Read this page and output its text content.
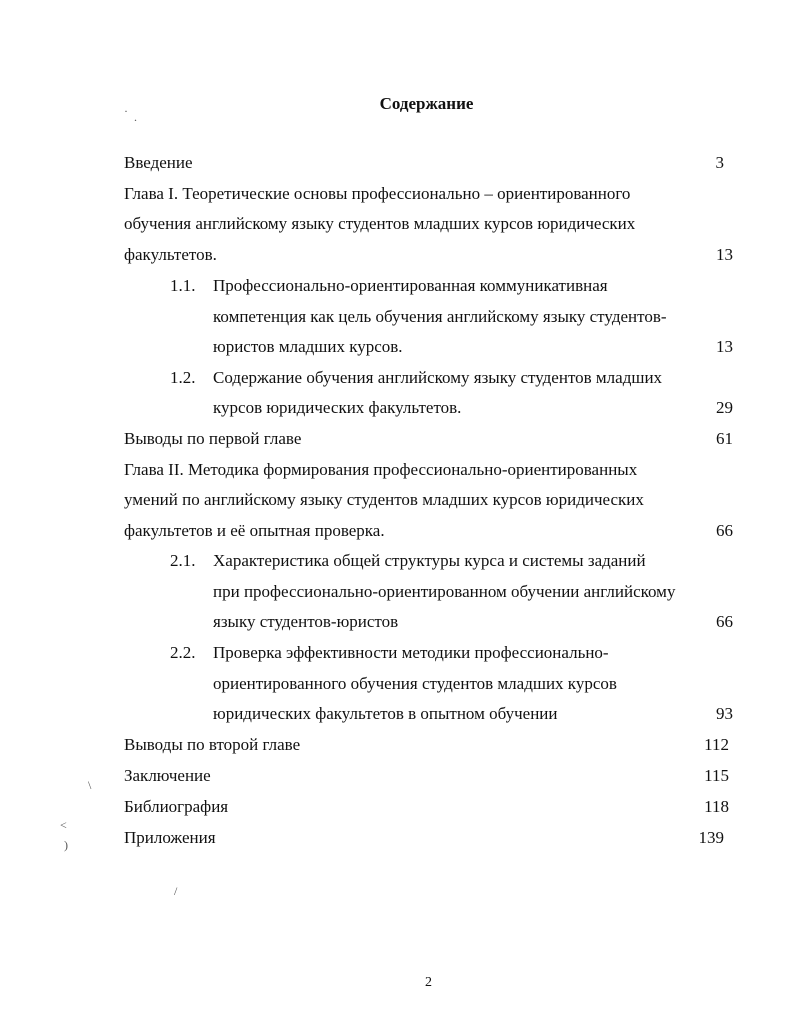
Содержание
Введение	3
Глава I. Теоретические основы профессионально – ориентированного
обучения английскому языку студентов младших курсов юридических
факультетов.	13
1.1. Профессионально-ориентированная коммуникативная
компетенция как цель обучения английскому языку студентов-
юристов младших курсов.	13
1.2. Содержание обучения английскому языку студентов младших
курсов юридических факультетов.	29
Выводы по первой главе	61
Глава II. Методика формирования профессионально-ориентированных
умений по английскому языку студентов младших курсов юридических
факультетов и её опытная проверка.	66
2.1. Характеристика общей структуры курса и системы заданий
при профессионально-ориентированном обучении английскому
языку студентов-юристов	66
2.2. Проверка эффективности методики профессионально-
ориентированного обучения студентов младших курсов
юридических факультетов в опытном обучении	93
Выводы по второй главе	112
Заключение	115
Библиография	118
Приложения	139
· .
\
<
)
/
2
